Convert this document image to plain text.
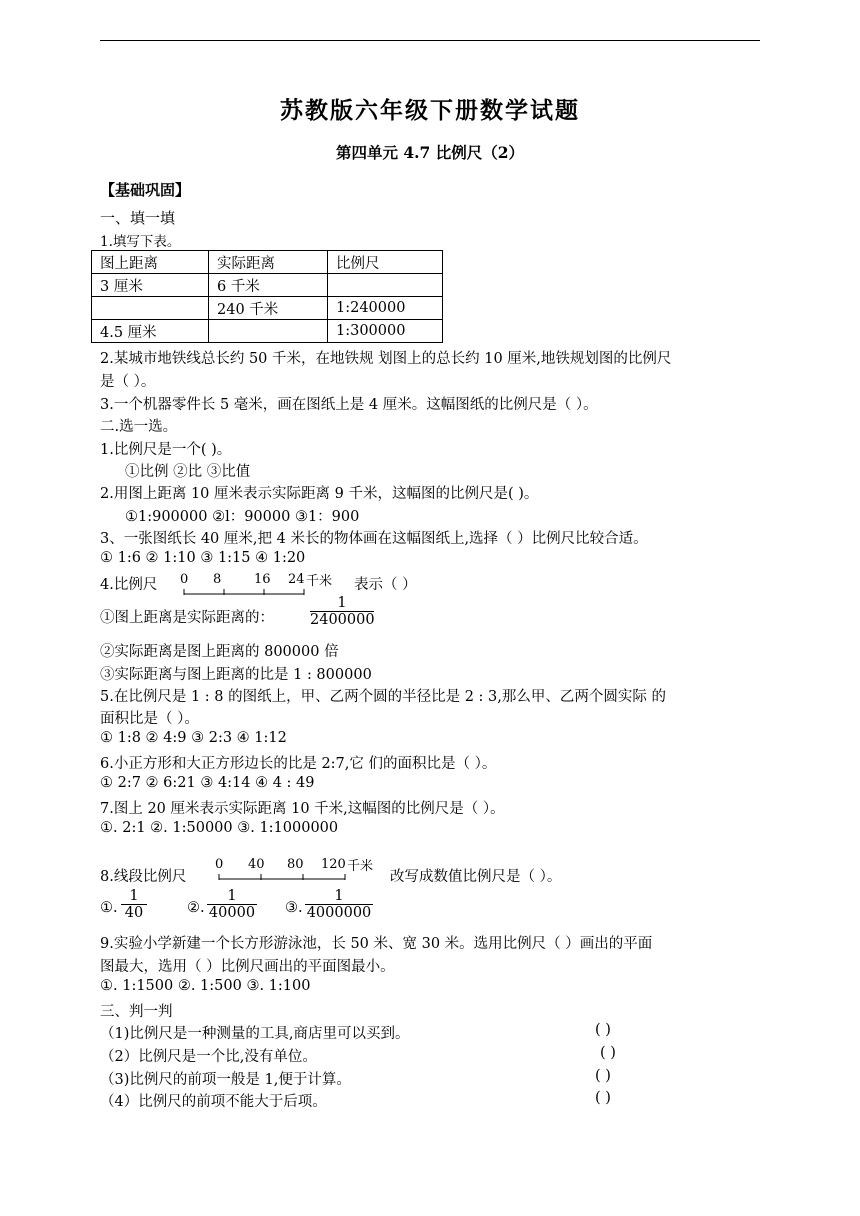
苏教版六年级下册数学试题
第四单元 4.7 比例尺（2）
【基础巩固】
一、填一填
1.填写下表。
图上距离	实际距离	比例尺
3 厘米	6 千米	
	240 千米	1:240000
4.5 厘米		1:300000
2.某城市地铁线总长约 50 千米，在地铁规 划图上的总长约 10 厘米,地铁规划图的比例尺
是（ ）。
3.一个机器零件长 5 毫米，画在图纸上是 4 厘米。这幅图纸的比例尺是（ ）。
二.选一选。
1.比例尺是一个( )。
①比例 ②比 ③比值
2.用图上距离 10 厘米表示实际距离 9 千米，这幅图的比例尺是( )。
①1:900000 ②l：90000 ③1：900
3、一张图纸长 40 厘米,把 4 米长的物体画在这幅图纸上,选择（ ）比例尺比较合适。
① 1:6 ② 1:10 ③ 1:15 ④ 1:20
4.比例尺 0 8	16 24 千米 表示（ ）
①图上距离是实际距离的：
1
2400000
②实际距离是图上距离的 800000 倍
③实际距离与图上距离的比是 1 : 800000
5.在比例尺是 1 : 8 的图纸上，甲、乙两个圆的半径比是 2 : 3,那么甲、乙两个圆实际 的
面积比是（ ）。
① 1:8 ② 4:9 ③ 2:3 ④ 1:12
6.小正方形和大正方形边长的比是 2:7,它 们的面积比是（ ）。
① 2:7 ② 6:21 ③ 4:14 ④ 4 : 49
7.图上 20 厘米表示实际距离 10 千米,这幅图的比例尺是（ ）。
①. 2:1 ②. 1:50000 ③. 1:1000000
8.线段比例尺
0 40 80 120 千米
改写成数值比例尺是（ ）。
①.
1
40	②.
1
40000 ③.
1
4000000
9.实验小学新建一个长方形游泳池，长 50 米、宽 30 米。选用比例尺（ ）画出的平面
图最大，选用（ ）比例尺画出的平面图最小。
①. 1:1500 ②. 1:500 ③. 1:100
三、判一判
（1)比例尺是一种测量的工具,商店里可以买到。	( )
（2）比例尺是一个比,没有单位。	( )
（3)比例尺的前项一般是 1,便于计算。	( )
（4）比例尺的前项不能大于后项。	( )
